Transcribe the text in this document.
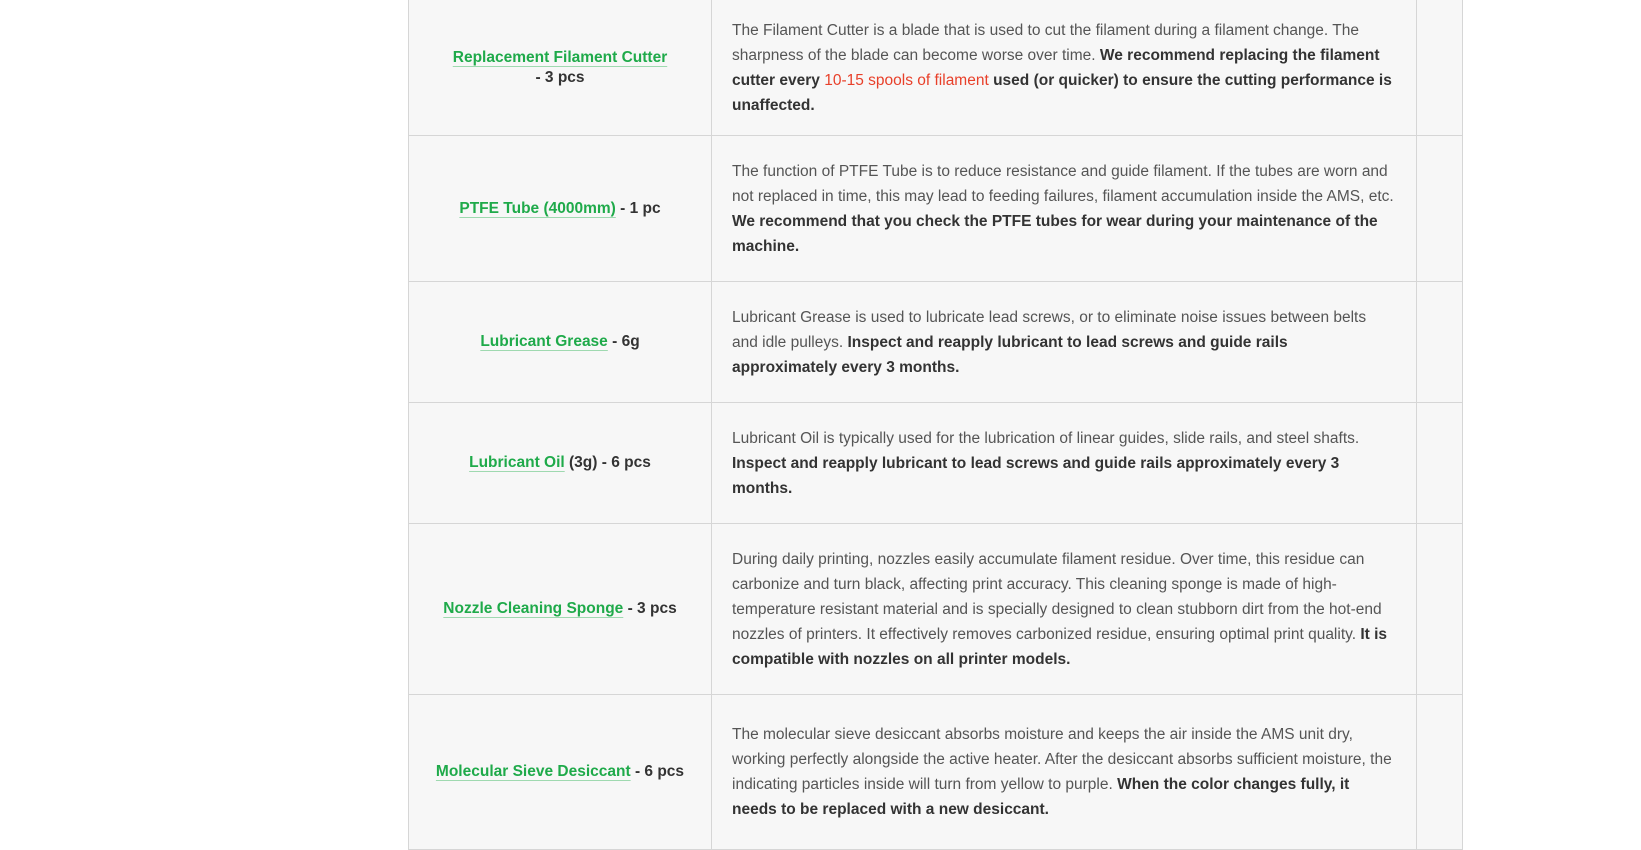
Replacement Filament Cutter
- 3 pcs	The Filament Cutter is a blade that is used to cut the filament during a filament change. The sharpness of the blade can become worse over time. We recommend replacing the filament cutter every 10-15 spools of filament used (or quicker) to ensure the cutting performance is unaffected.	
PTFE Tube (4000mm) - 1 pc	The function of PTFE Tube is to reduce resistance and guide filament. If the tubes are worn and not replaced in time, this may lead to feeding failures, filament accumulation inside the AMS, etc. We recommend that you check the PTFE tubes for wear during your maintenance of the machine.	
Lubricant Grease - 6g	Lubricant Grease is used to lubricate lead screws, or to eliminate noise issues between belts and idle pulleys. Inspect and reapply lubricant to lead screws and guide rails approximately every 3 months.	
Lubricant Oil (3g) - 6 pcs	Lubricant Oil is typically used for the lubrication of linear guides, slide rails, and steel shafts. Inspect and reapply lubricant to lead screws and guide rails approximately every 3 months.	
Nozzle Cleaning Sponge - 3 pcs	During daily printing, nozzles easily accumulate filament residue. Over time, this residue can carbonize and turn black, affecting print accuracy. This cleaning sponge is made of high-temperature resistant material and is specially designed to clean stubborn dirt from the hot-end nozzles of printers. It effectively removes carbonized residue, ensuring optimal print quality. It is compatible with nozzles on all printer models.	
Molecular Sieve Desiccant - 6 pcs	The molecular sieve desiccant absorbs moisture and keeps the air inside the AMS unit dry, working perfectly alongside the active heater. After the desiccant absorbs sufficient moisture, the indicating particles inside will turn from yellow to purple. When the color changes fully, it needs to be replaced with a new desiccant.	
